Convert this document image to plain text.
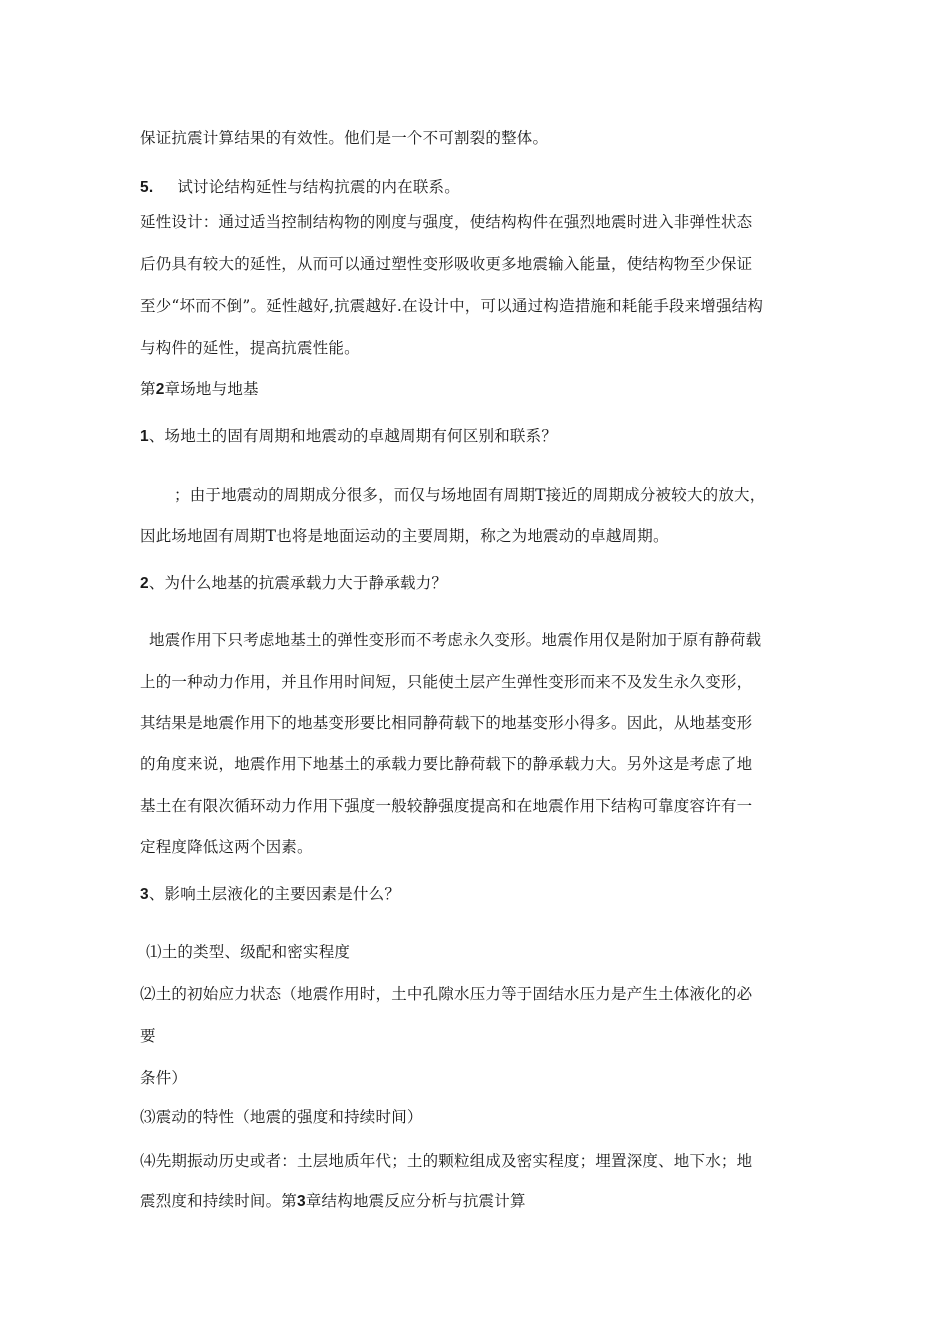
保证抗震计算结果的有效性。他们是一个不可割裂的整体。
5. 试讨论结构延性与结构抗震的内在联系。
延性设计：通过适当控制结构物的刚度与强度，使结构构件在强烈地震时进入非弹性状态
后仍具有较大的延性，从而可以通过塑性变形吸收更多地震输入能量，使结构物至少保证
至少“坏而不倒”。延性越好,抗震越好.在设计中，可以通过构造措施和耗能手段来增强结构
与构件的延性，提高抗震性能。
第2章场地与地基
1、场地土的固有周期和地震动的卓越周期有何区别和联系？
；由于地震动的周期成分很多，而仅与场地固有周期T接近的周期成分被较大的放大，
因此场地固有周期T也将是地面运动的主要周期，称之为地震动的卓越周期。
2、为什么地基的抗震承载力大于静承载力？
地震作用下只考虑地基土的弹性变形而不考虑永久变形。地震作用仅是附加于原有静荷载
上的一种动力作用，并且作用时间短，只能使土层产生弹性变形而来不及发生永久变形，
其结果是地震作用下的地基变形要比相同静荷载下的地基变形小得多。因此，从地基变形
的角度来说，地震作用下地基土的承载力要比静荷载下的静承载力大。另外这是考虑了地
基土在有限次循环动力作用下强度一般较静强度提高和在地震作用下结构可靠度容许有一
定程度降低这两个因素。
3、影响土层液化的主要因素是什么？
⑴土的类型、级配和密实程度
⑵土的初始应力状态（地震作用时，土中孔隙水压力等于固结水压力是产生土体液化的必
要
条件）
⑶震动的特性（地震的强度和持续时间）
⑷先期振动历史或者：土层地质年代；土的颗粒组成及密实程度；埋置深度、地下水；地
震烈度和持续时间。第3章结构地震反应分析与抗震计算
